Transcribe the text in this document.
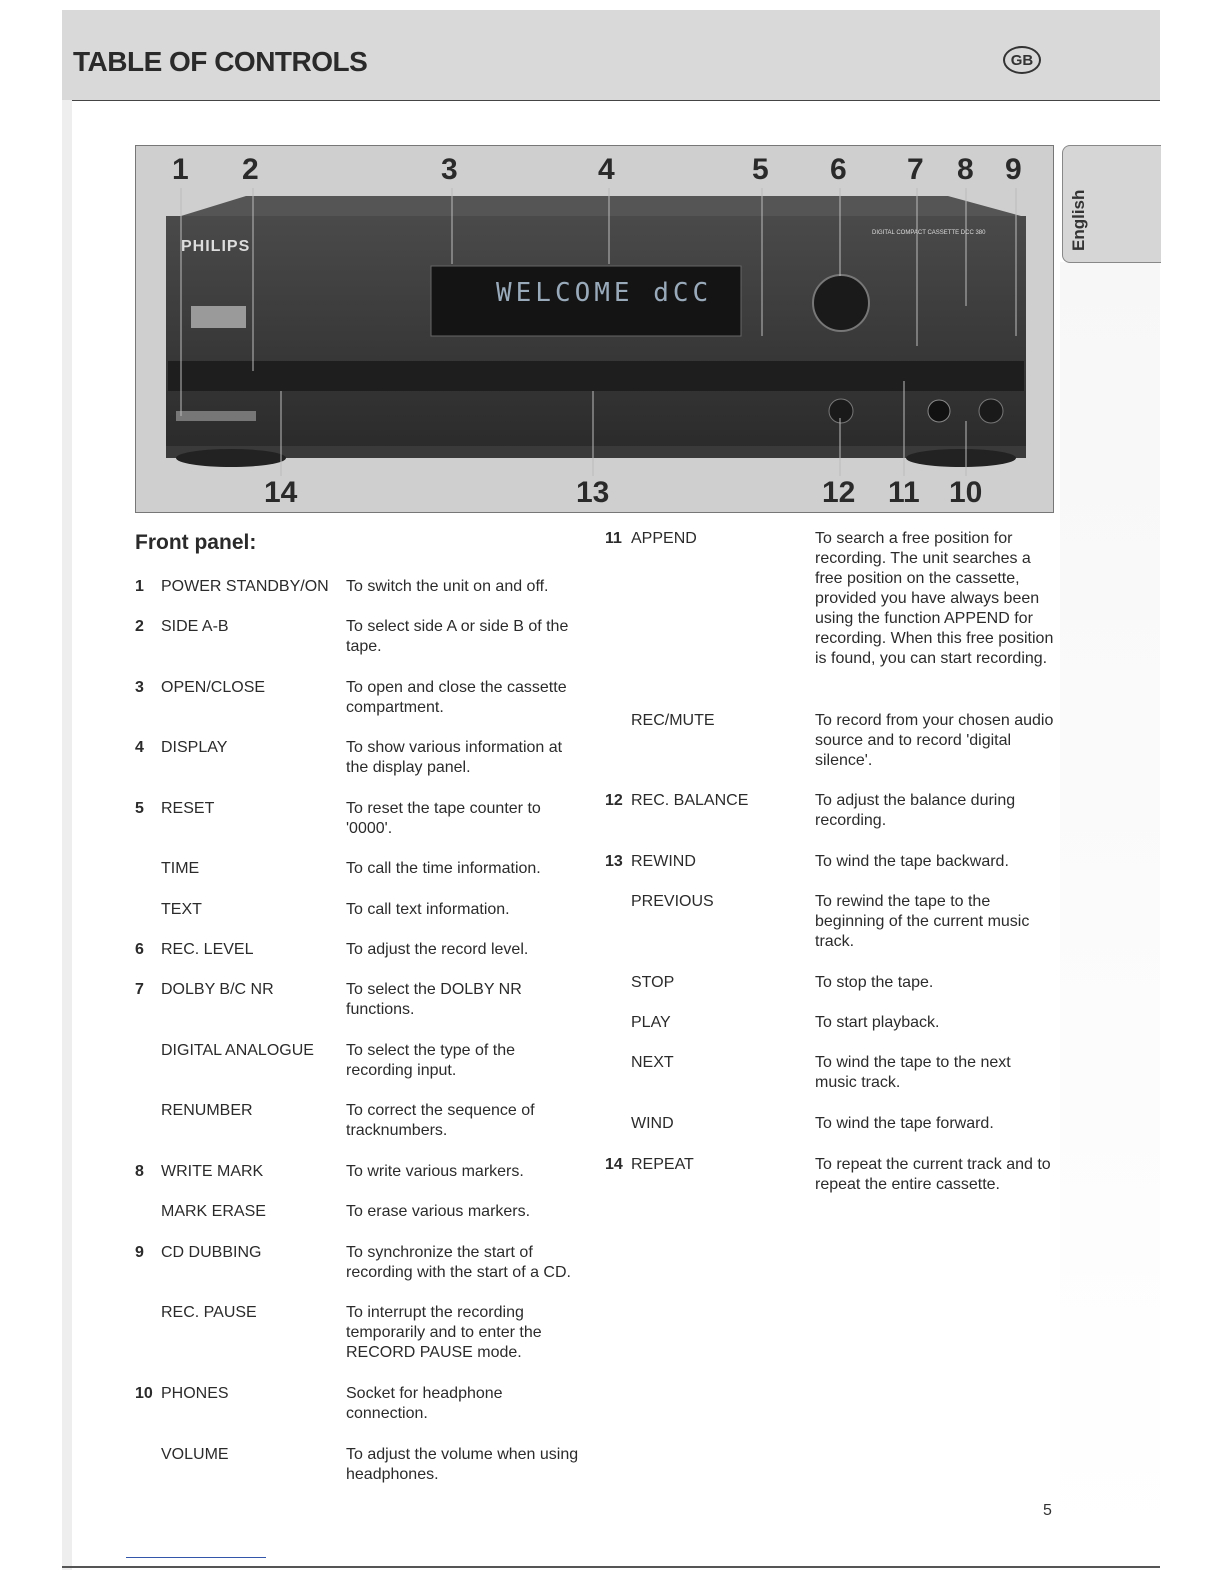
TABLE OF CONTROLS	GB
English
1 2	3	4	5 6 7 8 9
14	13	12 11 10
PHILIPS
WELCOME dCC
DIGITAL COMPACT CASSETTE DCC 380
Front panel:
1 POWER STANDBY/ON To switch the unit on and off.
2 SIDE A-B	To select side A or side B of the tape.
3 OPEN/CLOSE	To open and close the cassette compartment.
4 DISPLAY	To show various information at the display panel.
5 RESET	To reset the tape counter to '0000'.
TIME	To call the time information.
TEXT	To call text information.
6 REC. LEVEL	To adjust the record level.
7 DOLBY B/C NR	To select the DOLBY NR functions.
DIGITAL ANALOGUE To select the type of the recording input.
RENUMBER	To correct the sequence of tracknumbers.
8 WRITE MARK	To write various markers.
MARK ERASE	To erase various markers.
9 CD DUBBING	To synchronize the start of recording with the start of a CD.
REC. PAUSE	To interrupt the recording temporarily and to enter the RECORD PAUSE mode.
10 PHONES	Socket for headphone connection.
VOLUME	To adjust the volume when using headphones.
11 APPEND	To search a free position for recording. The unit searches a free position on the cassette, provided you have always been using the function APPEND for recording. When this free position is found, you can start recording.
REC/MUTE	To record from your chosen audio source and to record 'digital silence'.
12 REC. BALANCE	To adjust the balance during recording.
13 REWIND	To wind the tape backward.
PREVIOUS	To rewind the tape to the beginning of the current music track.
STOP	To stop the tape.
PLAY	To start playback.
NEXT	To wind the tape to the next music track.
WIND	To wind the tape forward.
14 REPEAT	To repeat the current track and to repeat the entire cassette.
5
